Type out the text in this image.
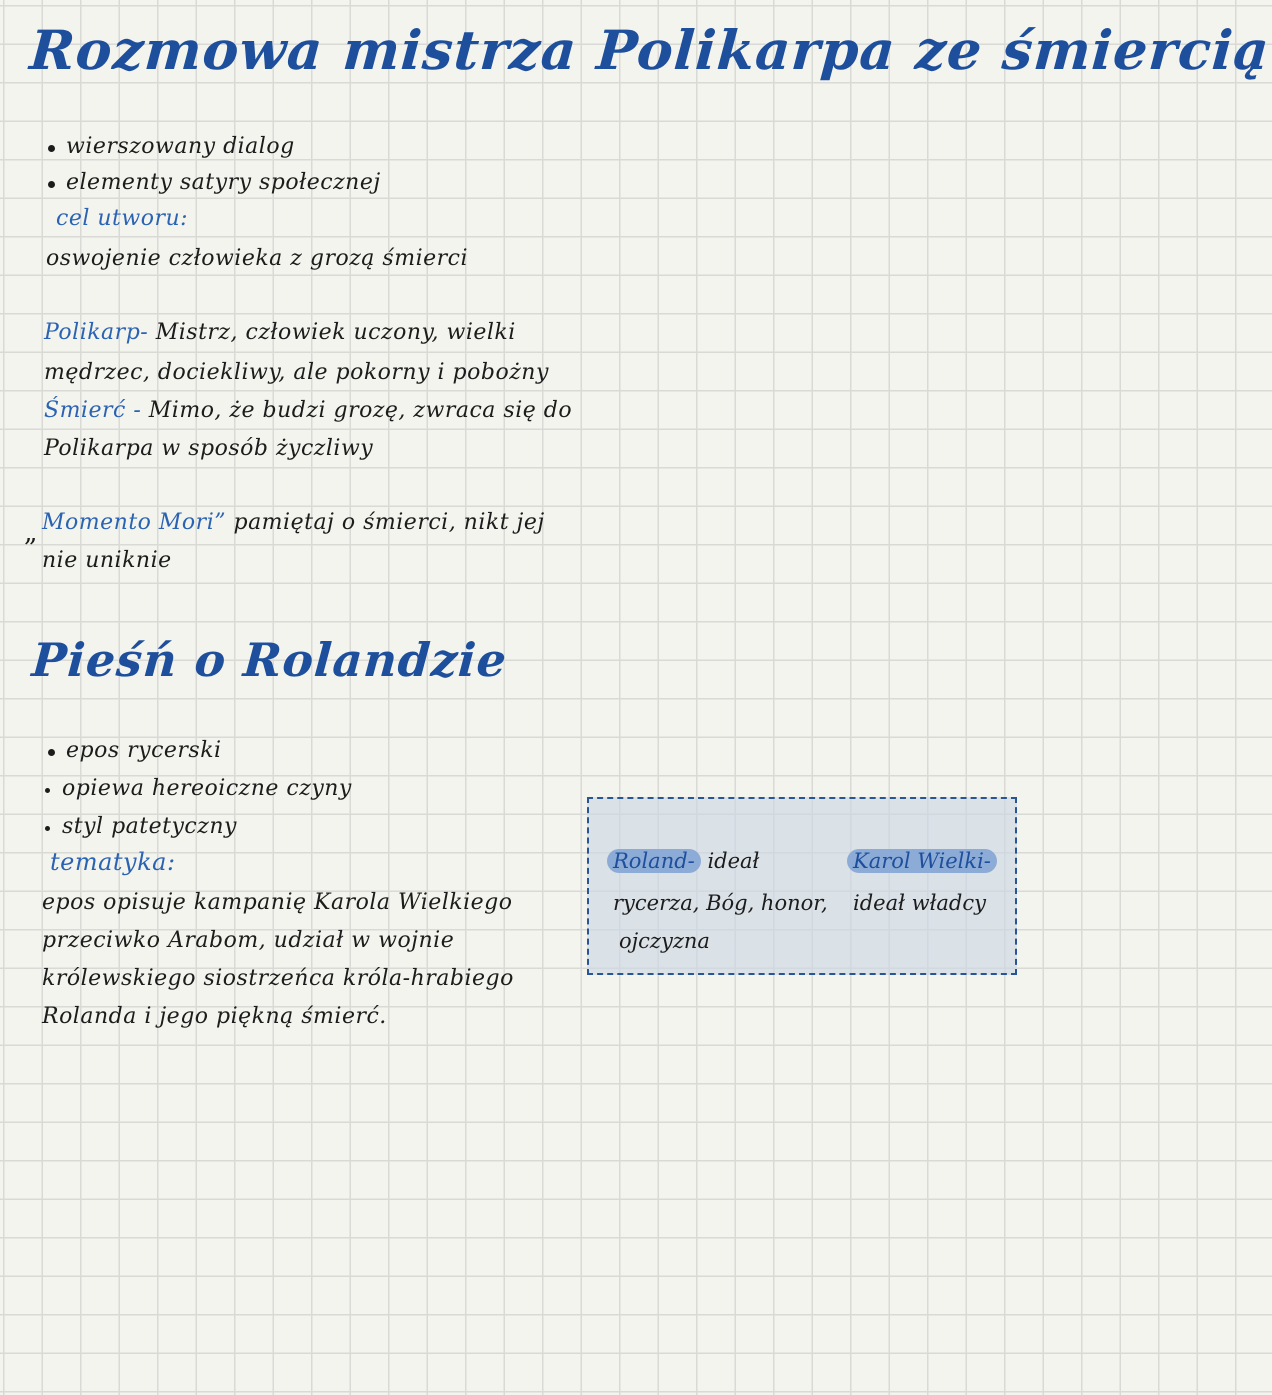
Rozmowa mistrza Polikarpa ze śmiercią
wierszowany dialog
elementy satyry społecznej
cel utworu:
oswojenie człowieka z grozą śmierci
Polikarp- Mistrz, człowiek uczony, wielki
mędrzec, dociekliwy, ale pokorny i pobożny
Śmierć - Mimo, że budzi grozę, zwraca się do
Polikarpa w sposób życzliwy
„ Momento Mori” pamiętaj o śmierci, nikt jej
nie uniknie
Pieśń o Rolandzie
epos rycerski
opiewa hereoiczne czyny
styl patetyczny
tematyka:
epos opisuje kampanię Karola Wielkiego
przeciwko Arabom, udział w wojnie
królewskiego siostrzeńca króla-hrabiego
Rolanda i jego piękną śmierć.
Roland- ideał
rycerza, Bóg, honor,
ojczyzna
Karol Wielki-
ideał władcy
